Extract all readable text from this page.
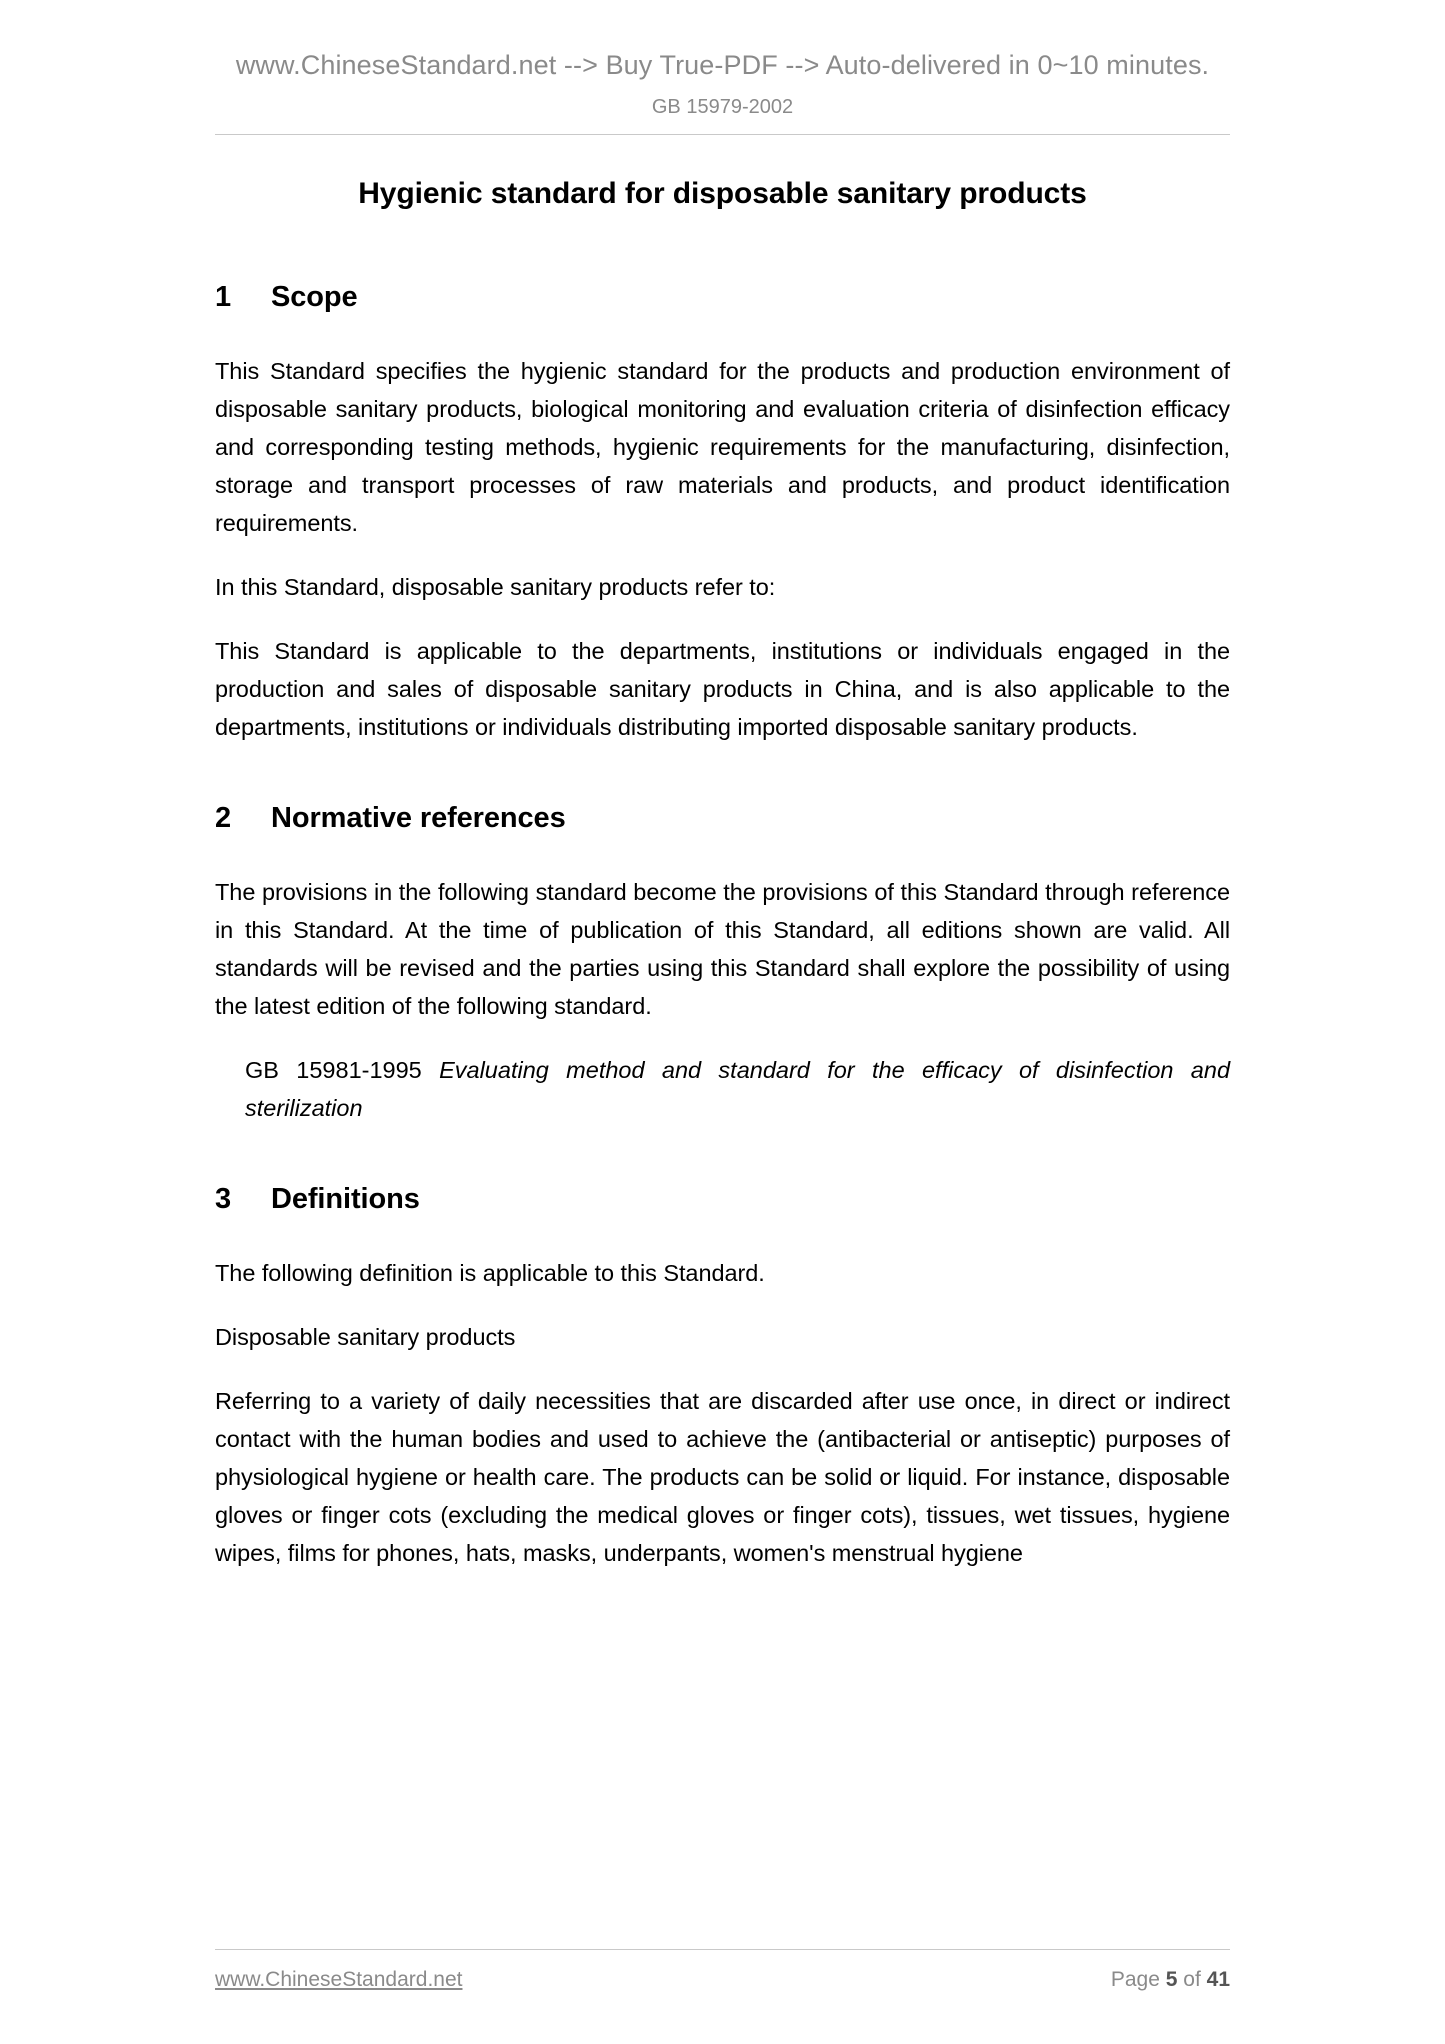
www.ChineseStandard.net --> Buy True-PDF --> Auto-delivered in 0~10 minutes.
GB 15979-2002
Hygienic standard for disposable sanitary products
1 Scope

This Standard specifies the hygienic standard for the products and production environment of disposable sanitary products, biological monitoring and evaluation criteria of disinfection efficacy and corresponding testing methods, hygienic requirements for the manufacturing, disinfection, storage and transport processes of raw materials and products, and product identification requirements.

In this Standard, disposable sanitary products refer to:

This Standard is applicable to the departments, institutions or individuals engaged in the production and sales of disposable sanitary products in China, and is also applicable to the departments, institutions or individuals distributing imported disposable sanitary products.

2 Normative references

The provisions in the following standard become the provisions of this Standard through reference in this Standard. At the time of publication of this Standard, all editions shown are valid. All standards will be revised and the parties using this Standard shall explore the possibility of using the latest edition of the following standard.

GB 15981-1995 Evaluating method and standard for the efficacy of disinfection and sterilization

3 Definitions

The following definition is applicable to this Standard.

Disposable sanitary products

Referring to a variety of daily necessities that are discarded after use once, in direct or indirect contact with the human bodies and used to achieve the (antibacterial or antiseptic) purposes of physiological hygiene or health care. The products can be solid or liquid. For instance, disposable gloves or finger cots (excluding the medical gloves or finger cots), tissues, wet tissues, hygiene wipes, films for phones, hats, masks, underpants, women's menstrual hygiene

www.ChineseStandard.net	Page 5 of 41
